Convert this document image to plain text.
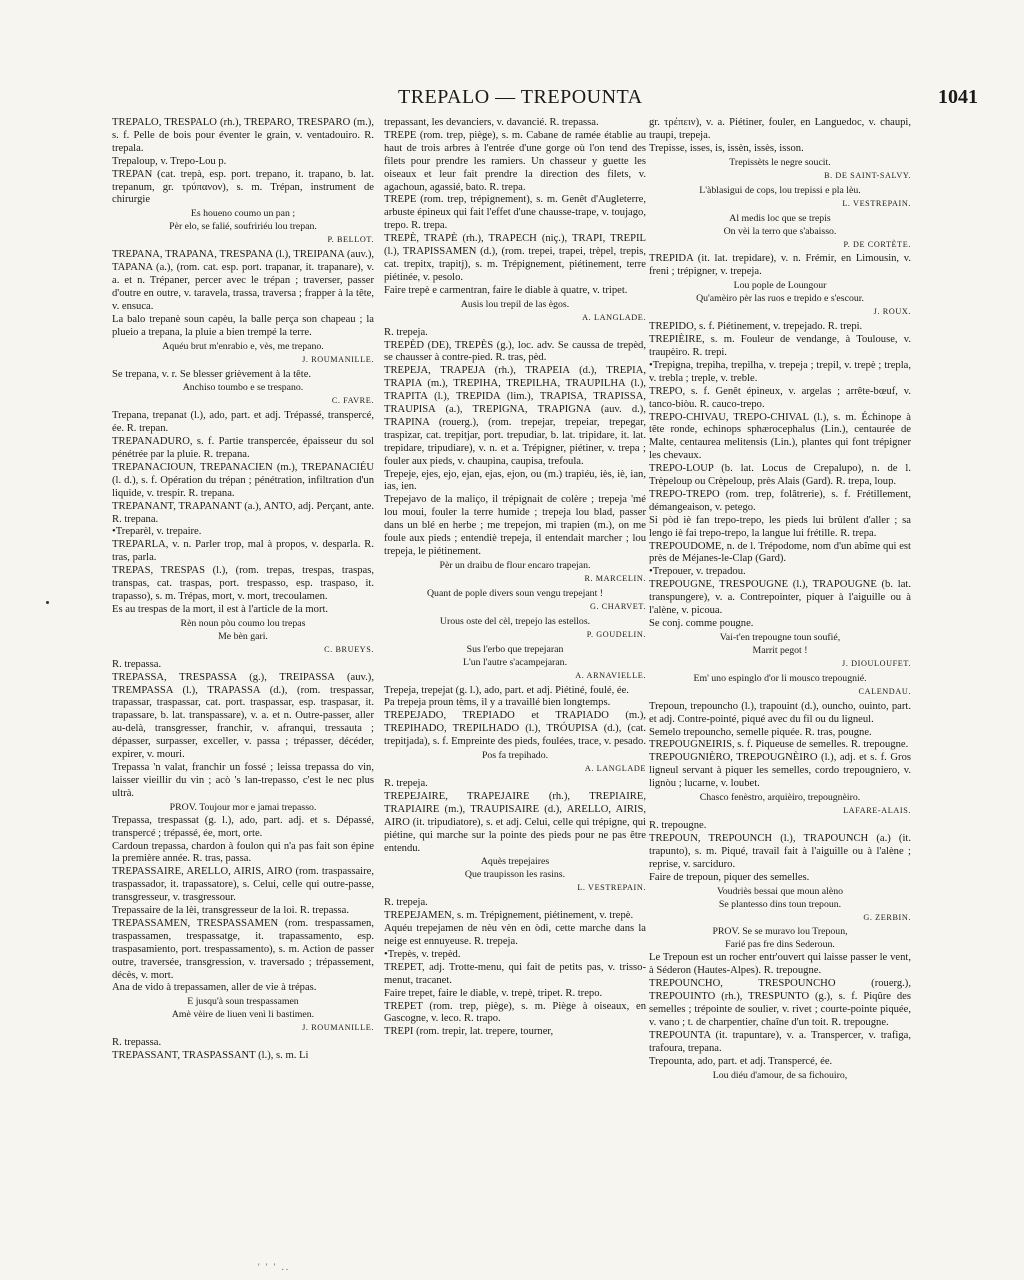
TREPALO — TREPOUNTA	1041

TREPALO, TRESPALO (rh.), TREPARO, TRESPARO (m.), s. f. Pelle de bois pour éventer le grain, v. ventadouiro. R. trepala.

Trepaloup, v. Trepo-Lou p.

TREPAN (cat. trepà, esp. port. trepano, it. trapano, b. lat. trepanum, gr. τρύπανον), s. m. Trépan, instrument de chirurgie

Es houeno coumo un pan ;

Pèr elo, se falié, soufririéu lou trepan.

P. BELLOT.

TREPANA, TRAPANA, TRESPANA (l.), TREIPANA (auv.), TAPANA (a.), (rom. cat. esp. port. trapanar, it. trapanare), v. a. et n. Trépaner, percer avec le trépan ; traverser, passer d'outre en outre, v. taravela, trassa, traversa ; frapper à la tête, v. ensuca.

La balo trepanè soun capèu, la balle perça son chapeau ; la plueio a trepana, la pluie a bien trempé la terre.

Aquéu brut m'enrabio e, vès, me trepano.

J. ROUMANILLE.

Se trepana, v. r. Se blesser grièvement à la tête.

Anchiso toumbo e se trespano.

C. FAVRE.

Trepana, trepanat (l.), ado, part. et adj. Trépassé, transpercé, ée. R. trepan.

TREPANADURO, s. f. Partie transpercée, épaisseur du sol pénétrée par la pluie. R. trepana.

TREPANACIOUN, TREPANACIEN (m.), TREPANACIÉU (l. d.), s. f. Opération du trépan ; pénétration, infiltration d'un liquide, v. trespir. R. trepana.

TREPANANT, TRAPANANT (a.), ANTO, adj. Perçant, ante. R. trepana.

•Treparèl, v. trepaire.

TREPARLA, v. n. Parler trop, mal à propos, v. desparla. R. tras, parla.

TREPAS, TRESPAS (l.), (rom. trepas, trespas, traspas, transpas, cat. traspas, port. trespasso, esp. traspaso, it. trapasso), s. m. Trépas, mort, v. mort, trecoulamen.

Es au trespas de la mort, il est à l'article de la mort.

Rèn noun pòu coumo lou trepas

Me bèn gari.

C. BRUEYS.

R. trepassa.

TREPASSA, TRESPASSA (g.), TREIPASSA (auv.), TREMPASSA (l.), TRAPASSA (d.), (rom. trespassar, trapassar, traspassar, cat. port. traspassar, esp. traspasar, it. trapassare, b. lat. transpassare), v. a. et n. Outre-passer, aller au-delà, transgresser, franchir, v. afranqui, tressauta ; dépasser, surpasser, exceller, v. passa ; trépasser, décéder, expirer, v. mouri.

Trepassa 'n valat, franchir un fossé ; leissa trepassa do vin, laisser vieillir du vin ; acò 's lan-trepasso, c'est le nec plus ultrà.

PROV. Toujour mor e jamai trepasso.

Trepassa, trespassat (g. l.), ado, part. adj. et s. Dépassé, transpercé ; trépassé, ée, mort, orte.

Cardoun trepassa, chardon à foulon qui n'a pas fait son épine la première année. R. tras, passa.

TREPASSAIRE, ARELLO, AIRIS, AIRO (rom. traspassaire, traspassador, it. trapassatore), s. Celui, celle qui outre-passe, transgresseur, v. trasgressour.

Trepassaire de la lèi, transgresseur de la loi. R. trepassa.

TREPASSAMEN, TRESPASSAMEN (rom. trespassamen, traspassamen, trespassatge, it. trapassamento, esp. traspasamiento, port. trespassamento), s. m. Action de passer outre, traversée, transgression, v. traversado ; trépassement, décès, v. mort.

Ana de vido à trepassamen, aller de vie à trépas.

E jusqu'à soun trespassamen

Amè vèire de liuen venì li bastimen.

J. ROUMANILLE.

R. trepassa.

TREPASSANT, TRASPASSANT (l.), s. m. Li

trepassant, les devanciers, v. davancié. R. trepassa.

TREPE (rom. trep, piège), s. m. Cabane de ramée établie au haut de trois arbres à l'entrée d'une gorge où l'on tend des filets pour prendre les ramiers. Un chasseur y guette les oiseaux et leur fait prendre la direction des filets, v. agachoun, agassié, bato. R. trepa.

TREPE (rom. trep, trépignement), s. m. Genêt d'Augleterre, arbuste épineux qui fait l'effet d'une chausse-trape, v. toujago, trepo. R. trepa.

TREPÈ, TRAPÈ (rh.), TRAPECH (niç.), TRAPI, TREPIL (l.), TRAPISSAMEN (d.), (rom. trepei, trapei, trèpel, trepis, cat. trepitx, trapitj), s. m. Trépignement, piétinement, terre piétinée, v. pesolo.

Faire trepè e carmentran, faire le diable à quatre, v. tripet.

Ausis lou trepil de las ègos.

A. LANGLADE.

R. trepeja.

TREPÈD (DE), TREPÈS (g.), loc. adv. Se caussa de trepèd, se chausser à contre-pied. R. tras, pèd.

TREPEJA, TRAPEJA (rh.), TRAPEIA (d.), TREPIA, TRAPIA (m.), TREPIHA, TREPILHA, TRAUPILHA (l.), TRAPITA (l.), TREPIDA (lim.), TRAPISA, TRAPISSA, TRAUPISA (a.), TREPIGNA, TRAPIGNA (auv. d.), TRAPINA (rouerg.), (rom. trepejar, trepeiar, trepegar, traspizar, cat. trepitjar, port. trepudiar, b. lat. tripidare, it. lat. trepidare, tripudiare), v. n. et a. Trépigner, piétiner, v. trepa ; fouler aux pieds, v. chaupina, caupisa, trefoula.

Trepeje, ejes, ejo, ejan, ejas, ejon, ou (m.) trapiéu, iès, iè, ian, ias, ien.

Trepejavo de la maliço, il trépignait de colère ; trepeja 'mé lou moui, fouler la terre humide ; trepeja lou blad, passer dans un blé en herbe ; me trepejon, mi trapien (m.), on me foule aux pieds ; entendiè trepeja, il entendait marcher ; lou trepeja, le piétinement.

Pèr un draibu de flour encaro trapejan.

R. MARCELIN.

Quant de pople divers soun vengu trepejant !

G. CHARVET.

Urous oste del cèl, trepejo las estellos.

P. GOUDELIN.

Sus l'erbo que trepejaran

L'un l'autre s'acampejaran.

A. ARNAVIELLE.

Trepeja, trepejat (g. l.), ado, part. et adj. Piétiné, foulé, ée.

Pa trepeja proun tèms, il y a travaillé bien longtemps.

TREPEJADO, TREPIADO et TRAPIADO (m.), TREPIHADO, TREPILHADO (l.), TRÓUPISA (d.), (cat. trepitjada), s. f. Empreinte des pieds, foulées, trace, v. pesado.

Pos fa trepihado.

A. LANGLADE

R. trepeja.

TREPEJAIRE, TRAPEJAIRE (rh.), TREPIAIRE, TRAPIAIRE (m.), TRAUPISAIRE (d.), ARELLO, AIRIS, AIRO (it. tripudiatore), s. et adj. Celui, celle qui trépigne, qui piétine, qui marche sur la pointe des pieds pour ne pas être entendu.

Aquès trepejaires

Que traupisson les rasins.

L. VESTREPAIN.

R. trepeja.

TREPEJAMEN, s. m. Trépignement, piétinement, v. trepè.

Aquéu trepejamen de nèu vèn en òdi, cette marche dans la neige est ennuyeuse. R. trepeja.

•Trepès, v. trepèd.

TREPET, adj. Trotte-menu, qui fait de petits pas, v. trisso-menut, tracanet.

Faire trepet, faire le diable, v. trepè, tripet. R. trepo.

TREPET (rom. trep, piège), s. m. Piège à oiseaux, en Gascogne, v. leco. R. trapo.

TREPI (rom. trepir, lat. trepere, tourner,

gr. τρέπειν), v. a. Piétiner, fouler, en Languedoc, v. chaupi, traupi, trepeja.

Trepisse, isses, is, issèn, issès, isson.

Trepissèts le negre soucit.

B. DE SAINT-SALVY.

L'àblasigui de cops, lou trepissi e pla lèu.

L. VESTREPAIN.

Al medis loc que se trepis

On vèi la terro que s'abaisso.

P. DE CORTÈTE.

TREPIDA (it. lat. trepidare), v. n. Frémir, en Limousin, v. freni ; trépigner, v. trepeja.

Lou pople de Loungour

Qu'amèiro pèr las ruos e trepido e s'escour.

J. ROUX.

TREPIDO, s. f. Piétinement, v. trepejado. R. trepi.

TREPIÈIRE, s. m. Fouleur de vendange, à Toulouse, v. traupèiro. R. trepi.

•Trepigna, trepiha, trepilha, v. trepeja ; trepil, v. trepè ; trepla, v. trebla ; treple, v. treble.

TREPO, s. f. Genêt épineux, v. argelas ; arrête-bœuf, v. tanco-biòu. R. cauco-trepo.

TREPO-CHIVAU, TREPO-CHIVAL (l.), s. m. Échinope à tête ronde, echinops sphærocephalus (Lin.), centaurée de Malte, centaurea melitensis (Lin.), plantes qui font trépigner les chevaux.

TREPO-LOUP (b. lat. Locus de Crepalupo), n. de l. Trèpeloup ou Crèpeloup, près Alais (Gard). R. trepa, loup.

TREPO-TREPO (rom. trep, folâtrerie), s. f. Frétillement, démangeaison, v. petego.

Si pòd iè fan trepo-trepo, les pieds lui brûlent d'aller ; sa lengo iè fai trepo-trepo, la langue lui frétille. R. trepa.

TREPOUDOME, n. de l. Trépodome, nom d'un abîme qui est près de Méjanes-le-Clap (Gard).

•Trepouer, v. trepadou.

TREPOUGNE, TRESPOUGNE (l.), TRAPOUGNE (b. lat. transpungere), v. a. Contrepointer, piquer à l'aiguille ou à l'alène, v. picoua.

Se conj. comme pougne.

Vai-t'en trepougne toun soufié,

Marrit pegot !

J. DIOULOUFET.

Em' uno espinglo d'or li mousco trepougnié.

CALENDAU.

Trepoun, trepouncho (l.), trapouint (d.), ouncho, ouinto, part. et adj. Contre-pointé, piqué avec du fil ou du ligneul.

Semelo trepouncho, semelle piquée. R. tras, pougne.

TREPOUGNEIRIS, s. f. Piqueuse de semelles. R. trepougne.

TREPOUGNIÈRO, TREPOUGNÈIRO (l.), adj. et s. f. Gros ligneul servant à piquer les semelles, cordo trepougniero, v. lignòu ; lucarne, v. loubet.

Chasco fenèstro, arquièiro, trepougnèiro.

LAFARE-ALAIS.

R. trepougne.

TREPOUN, TREPOUNCH (l.), TRAPOUNCH (a.) (it. trapunto), s. m. Piqué, travail fait à l'aiguille ou à l'alène ; reprise, v. sarciduro.

Faire de trepoun, piquer des semelles.

Voudriès bessai que moun alèno

Se plantesso dins toun trepoun.

G. ZERBIN.

PROV. Se se muravo lou Trepoun,

Farié pas fre dins Sederoun.

Le Trepoun est un rocher entr'ouvert qui laisse passer le vent, à Séderon (Hautes-Alpes). R. trepougne.

TREPOUNCHO, TRESPOUNCHO (rouerg.), TREPOUINTO (rh.), TRESPUNTO (g.), s. f. Piqûre des semelles ; trépointe de soulier, v. rivet ; courte-pointe piquée, v. vano ; t. de charpentier, chaîne d'un toit. R. trepougne.

TREPOUNTA (it. trapuntare), v. a. Transpercer, v. trafiga, trafoura, trepana.

Trepounta, ado, part. et adj. Transpercé, ée.

Lou diéu d'amour, de sa fichouiro,

' ' ' ..
